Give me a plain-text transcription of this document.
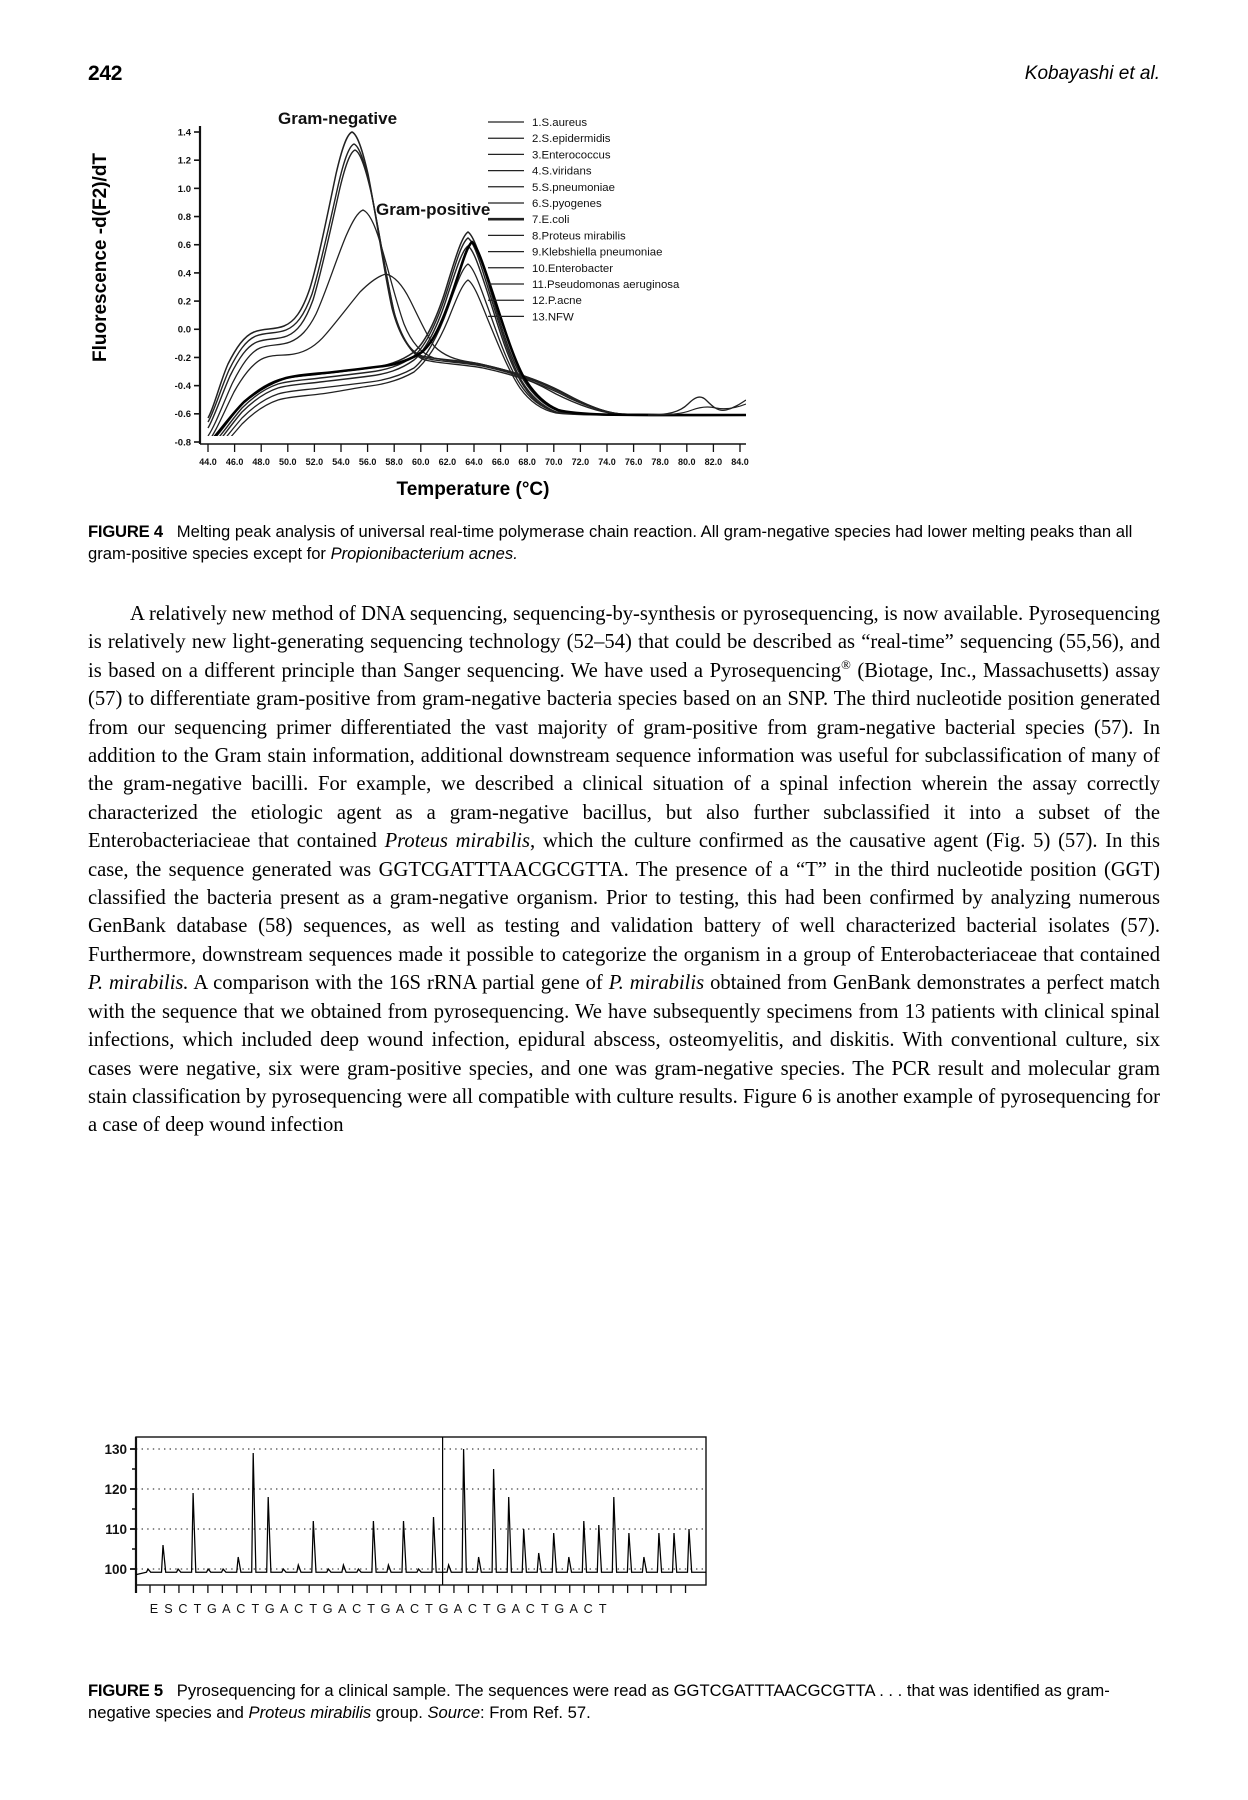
242	Kobayashi et al.
1.4
1.2
1.0
0.8
0.6
0.4
0.2
0.0
-0.2
-0.4
-0.6
-0.8
44.0 46.0 48.0 50.0 52.0 54.0 56.0 58.0 60.0 62.0 64.0 66.0 68.0 70.0 72.0 74.0 76.0 78.0 80.0 82.0 84.0
Gram-negative
Gram-positive
1.S.aureus
2.S.epidermidis
3.Enterococcus
4.S.viridans
5.S.pneumoniae
6.S.pyogenes
7.E.coli
8.Proteus mirabilis
9.Klebshiella pneumoniae
10.Enterobacter
11.Pseudomonas aeruginosa
12.P.acne
13.NFW
Fluorescence -d(F2)/dT
Temperature (°C)
FIGURE 4 Melting peak analysis of universal real-time polymerase chain reaction. All gram-negative species had lower melting peaks than all gram-positive species except for Propionibacterium acnes.

A relatively new method of DNA sequencing, sequencing-by-synthesis or pyrosequencing, is now available. Pyrosequencing is relatively new light-generating sequencing technology (52–54) that could be described as “real-time” sequencing (55,56), and is based on a different principle than Sanger sequencing. We have used a Pyrosequencing® (Biotage, Inc., Massachusetts) assay (57) to differentiate gram-positive from gram-negative bacteria species based on an SNP. The third nucleotide position generated from our sequencing primer differentiated the vast majority of gram-positive from gram-negative bacterial species (57). In addition to the Gram stain information, additional downstream sequence information was useful for subclassification of many of the gram-negative bacilli. For example, we described a clinical situation of a spinal infection wherein the assay correctly characterized the etiologic agent as a gram-negative bacillus, but also further subclassified it into a subset of the Enterobacteriacieae that contained Proteus mirabilis, which the culture confirmed as the causative agent (Fig. 5) (57). In this case, the sequence generated was GGTCGATTTAACGCGTTA. The presence of a “T” in the third nucleotide position (GGT) classified the bacteria present as a gram-negative organism. Prior to testing, this had been confirmed by analyzing numerous GenBank database (58) sequences, as well as testing and validation battery of well characterized bacterial isolates (57). Furthermore, downstream sequences made it possible to categorize the organism in a group of Enterobacteriaceae that contained P. mirabilis. A comparison with the 16S rRNA partial gene of P. mirabilis obtained from GenBank demonstrates a perfect match with the sequence that we obtained from pyrosequencing. We have subsequently specimens from 13 patients with clinical spinal infections, which included deep wound infection, epidural abscess, osteomyelitis, and diskitis. With conventional culture, six cases were negative, six were gram-positive species, and one was gram-negative species. The PCR result and molecular gram stain classification by pyrosequencing were all compatible with culture results. Figure 6 is another example of pyrosequencing for a case of deep wound infection

130
120
110
100
E S C T G A C T G A C T G A C T G A C T G A C T G A C T G A C T
FIGURE 5 Pyrosequencing for a clinical sample. The sequences were read as GGTCGATTTAACGCGTTA . . . that was identified as gram-negative species and Proteus mirabilis group. Source: From Ref. 57.
